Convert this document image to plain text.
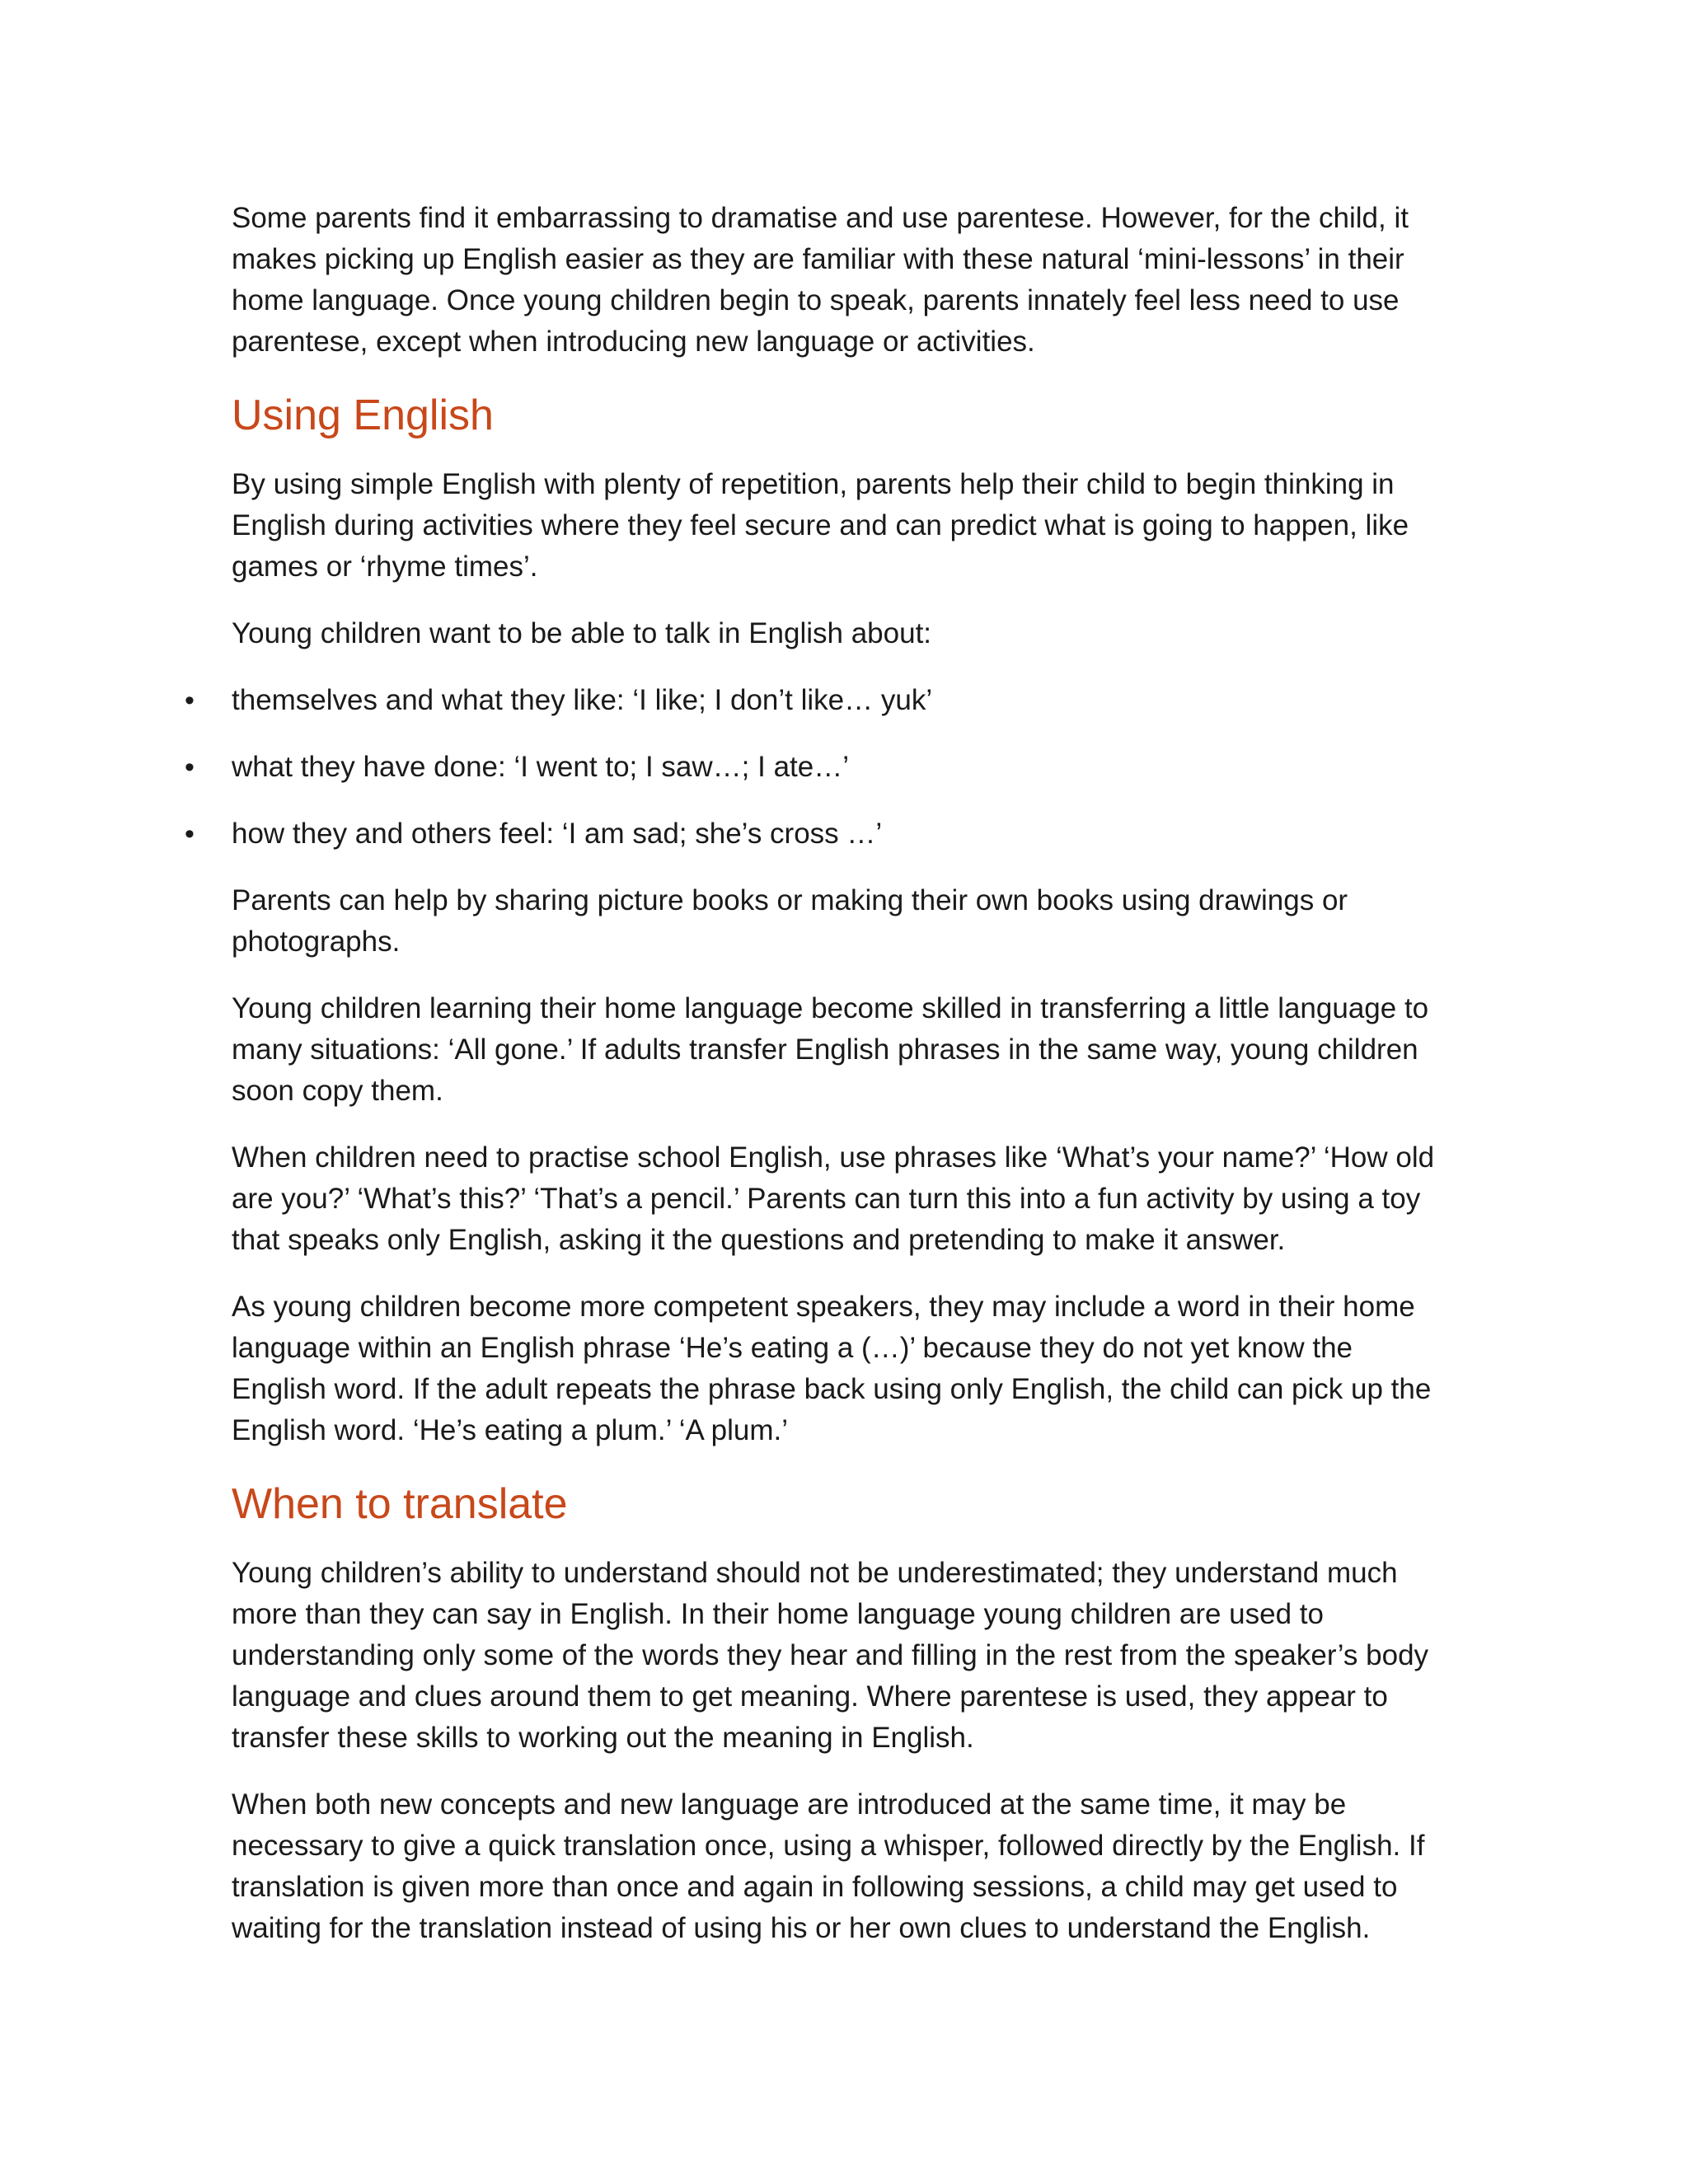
Some parents find it embarrassing to dramatise and use parentese. However, for the child, it makes picking up English easier as they are familiar with these natural ‘mini-lessons’ in their home language. Once young children begin to speak, parents innately feel less need to use parentese, except when introducing new language or activities.

Using English

By using simple English with plenty of repetition, parents help their child to begin thinking in English during activities where they feel secure and can predict what is going to happen, like games or ‘rhyme times’.

Young children want to be able to talk in English about:

• themselves and what they like: ‘I like; I don’t like… yuk’
• what they have done: ‘I went to; I saw…; I ate…’
• how they and others feel: ‘I am sad; she’s cross …’

Parents can help by sharing picture books or making their own books using drawings or photographs.

Young children learning their home language become skilled in transferring a little language to many situations: ‘All gone.’ If adults transfer English phrases in the same way, young children soon copy them.

When children need to practise school English, use phrases like ‘What’s your name?’ ‘How old are you?’ ‘What’s this?’ ‘That’s a pencil.’ Parents can turn this into a fun activity by using a toy that speaks only English, asking it the questions and pretending to make it answer.

As young children become more competent speakers, they may include a word in their home language within an English phrase ‘He’s eating a (…)’ because they do not yet know the English word. If the adult repeats the phrase back using only English, the child can pick up the English word. ‘He’s eating a plum.’ ‘A plum.’

When to translate

Young children’s ability to understand should not be underestimated; they understand much more than they can say in English. In their home language young children are used to understanding only some of the words they hear and filling in the rest from the speaker’s body language and clues around them to get meaning. Where parentese is used, they appear to transfer these skills to working out the meaning in English.

When both new concepts and new language are introduced at the same time, it may be necessary to give a quick translation once, using a whisper, followed directly by the English. If translation is given more than once and again in following sessions, a child may get used to waiting for the translation instead of using his or her own clues to understand the English.
